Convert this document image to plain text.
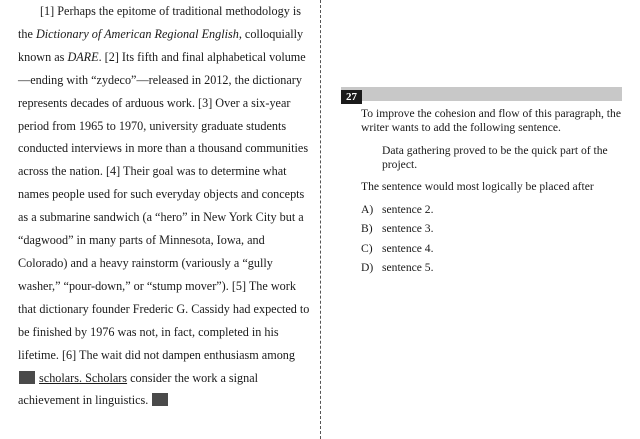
[1] Perhaps the epitome of traditional methodology is the Dictionary of American Regional English, colloquially known as DARE. [2] Its fifth and final alphabetical volume—ending with “zydeco”—released in 2012, the dictionary represents decades of arduous work. [3] Over a six-year period from 1965 to 1970, university graduate students conducted interviews in more than a thousand communities across the nation. [4] Their goal was to determine what names people used for such everyday objects and concepts as a submarine sandwich (a “hero” in New York City but a “dagwood” in many parts of Minnesota, Iowa, and Colorado) and a heavy rainstorm (variously a “gully washer,” “pour-down,” or “stump mover”). [5] The work that dictionary founder Frederic G. Cassidy had expected to be finished by 1976 was not, in fact, completed in his lifetime. [6] The wait did not dampen enthusiasm among  scholars. Scholars consider the work a signal achievement in linguistics.

27

To improve the cohesion and flow of this paragraph, the writer wants to add the following sentence.

Data gathering proved to be the quick part of the project.

The sentence would most logically be placed after

A) sentence 2.
B) sentence 3.
C) sentence 4.
D) sentence 5.
